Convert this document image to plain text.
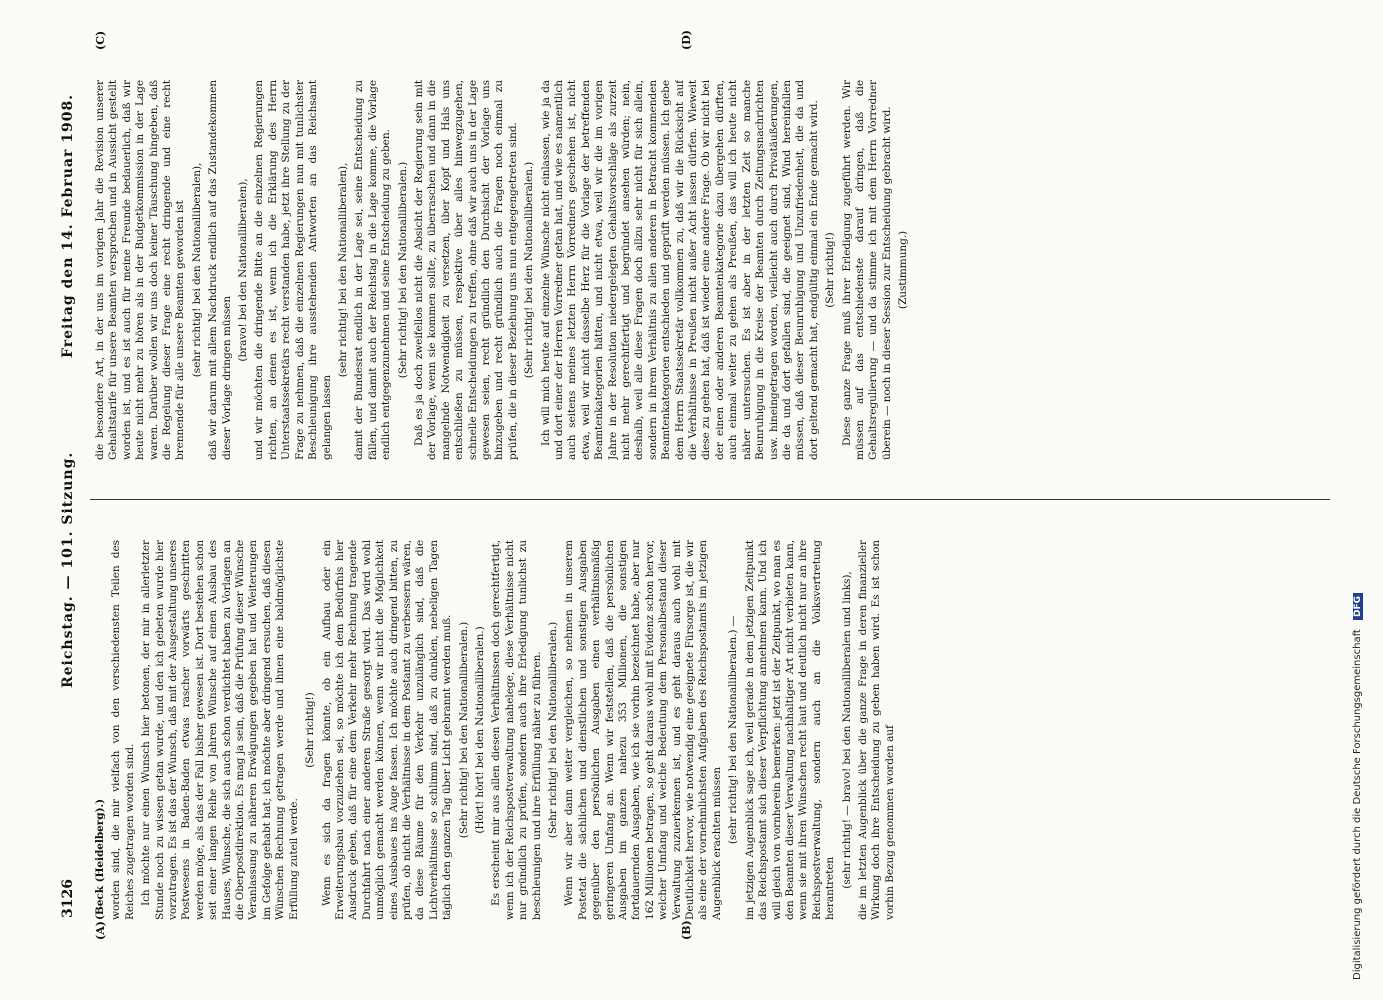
3126
Reichstag. — 101. Sitzung.
Freitag den 14. Februar 1908.
(A)	(B)
(C)	(D)

(Beck (Heidelberg).) worden sind, die mir vielfach von den verschiedensten Teilen des Reiches zugetragen worden sind. Ich möchte nur einen Wunsch hier betonen, der mir in allerletzter Stunde noch zu wissen getan wurde, und den ich gebeten wurde hier vorzutragen. Es ist das der Wunsch, daß mit der Ausgestaltung unseres Postwesens in Baden-Baden etwas rascher vorwärts geschritten werden möge, als das der Fall bisher gewesen ist. Dort bestehen schon seit einer langen Reihe von Jahren Wünsche auf einen Ausbau des Hauses, Wünsche, die sich auch schon verdichtet haben zu Vorlagen an die Oberpostdirektion. Es mag ja sein, daß die Prüfung dieser Wünsche Veranlassung zu näheren Erwägungen gegeben hat und Weiterungen im Gefolge gehabt hat; ich möchte aber dringend ersuchen, daß diesen Wünschen Rechnung getragen werde und ihnen eine baldmöglichste Erfüllung zuteil werde.

(Sehr richtig!) Wenn es sich da fragen könnte, ob ein Aufbau oder ein Erweiterungsbau vorzuziehen sei, so möchte ich dem Bedürfnis hier Ausdruck geben, daß für eine dem Verkehr mehr Rechnung tragende Durchfahrt nach einer anderen Straße gesorgt wird. Das wird wohl unmöglich gemacht werden können, wenn wir nicht die Möglichkeit eines Ausbaues ins Auge fassen. Ich möchte auch dringend bitten, zu prüfen, ob nicht die Verhältnisse in dem Postamt zu verbessern wären, da diese Räume für den Verkehr unzulänglich sind, daß die Lichtverhältnisse so schlimm sind, daß zu dunklen, nebeligen Tagen täglich den ganzen Tag über Licht gebrannt werden muß. (Sehr richtig! bei den Nationalliberalen.) (Hört! hört! bei den Nationalliberalen.) Es erscheint mir aus allen diesen Verhältnissen doch gerechtfertigt, wenn ich der Reichspostverwaltung nahelege, diese Verhältnisse nicht nur gründlich zu prüfen, sondern auch ihre Erledigung tunlichst zu beschleunigen und ihre Erfüllung näher zu führen. (Sehr richtig! bei den Nationalliberalen.) Wenn wir aber dann weiter vergleichen, so nehmen in unserem Postetat die sächlichen und dienstlichen und sonstigen Ausgaben gegenüber den persönlichen Ausgaben einen verhältnismäßig geringeren Umfang an. Wenn wir feststellen, daß die persönlichen Ausgaben im ganzen nahezu 353 Millionen, die sonstigen fortdauernden Ausgaben, wie ich sie vorhin bezeichnet habe, aber nur 162 Millionen betragen, so geht daraus wohl mit Evidenz schon hervor, welcher Umfang und welche Bedeutung dem Personalbestand dieser Verwaltung zuzuerkennen ist, und es geht daraus auch wohl mit Deutlichkeit hervor, wie notwendig eine geeignete Fürsorge ist, die wir als eine der vornehmlichsten Aufgaben des Reichspostamts im jetzigen Augenblick erachten müssen (sehr richtig! bei den Nationalliberalen.) — im jetzigen Augenblick sage ich, weil gerade in dem jetzigen Zeitpunkt das Reichspostamt sich dieser Verpflichtung annehmen kann. Und ich will gleich von vornherein bemerken: jetzt ist der Zeitpunkt, wo man es den Beamten dieser Verwaltung nachhaltiger Art nicht verbieten kann, wenn sie mit ihren Wünschen recht laut und deutlich nicht nur an ihre Reichspostverwaltung, sondern auch an die Volksvertretung herantreten (sehr richtig! — bravo! bei den Nationalliberalen und links), die im letzten Augenblick über die ganze Frage in deren finanzieller Wirkung doch ihre Entscheidung zu geben haben wird. Es ist schon vorhin Bezug genommen worden auf

die besondere Art, in der uns im vorigen Jahr die Revision unserer Gehaltstarife für unsere Beamten versprochen und in Aussicht gestellt worden ist, und es ist auch für meine Freunde bedauerlich, daß wir heute nicht mehr zu hören als in der Budgetkommission in der Lage waren. Darüber wollen wir uns doch keiner Täuschung hingeben, daß die Regelung dieser Frage eine recht dringende und eine recht brennende für alle unsere Beamten geworden ist (sehr richtig! bei den Nationalliberalen), daß wir darum mit allem Nachdruck endlich auf das Zustandekommen dieser Vorlage dringen müssen

(bravo! bei den Nationalliberalen), und wir möchten die dringende Bitte an die einzelnen Regierungen richten, an denen es ist, wenn ich die Erklärung des Herrn Unterstaatssekretärs recht verstanden habe, jetzt ihre Stellung zu der Frage zu nehmen, daß die einzelnen Regierungen nun mit tunlichster Beschleunigung ihre ausstehenden Antworten an das Reichsamt gelangen lassen

(sehr richtig! bei den Nationalliberalen), damit der Bundesrat endlich in der Lage sei, seine Entscheidung zu fällen, und damit auch der Reichstag in die Lage komme, die Vorlage endlich entgegenzunehmen und seine Entscheidung zu geben. (Sehr richtig! bei den Nationalliberalen.) Daß es ja doch zweifellos nicht die Absicht der Regierung sein mit der Vorlage, wenn sie kommen sollte, zu überraschen und dann in die mangelnde Notwendigkeit zu versetzen, über Kopf und Hals uns entschließen zu müssen, respektive über alles hinwegzugehen, schnelle Entscheidungen zu treffen, ohne daß wir auch uns in der Lage gewesen seien, recht gründlich den Durchsicht der Vorlage uns hinzugeben und recht gründlich auch die Fragen noch einmal zu prüfen, die in dieser Beziehung uns nun entgegengetreten sind. (Sehr richtig! bei den Nationalliberalen.) Ich will mich heute auf einzelne Wünsche nicht einlassen, wie ja da und dort einer der Herren Vorredner getan hat, und wie es namentlich auch seitens meines letzten Herrn Vorredners geschehen ist, nicht etwa, weil wir nicht dasselbe Herz für die Vorlage der betreffenden Beamtenkategorien hätten, und nicht etwa, weil wir die im vorigen Jahre in der Resolution niedergelegten Gehaltsvorschläge als zurzeit nicht mehr gerechtfertigt und begründet ansehen würden; nein, deshalb, weil alle diese Fragen doch allzu sehr nicht für sich allein, sondern in ihrem Verhältnis zu allen anderen in Betracht kommenden Beamtenkategorien entschieden und geprüft werden müssen. Ich gebe dem Herrn Staatssekretär vollkommen zu, daß wir die Rücksicht auf die Verhältnisse in Preußen nicht außer Acht lassen dürfen. Wieweit diese zu gehen hat, daß ist wieder eine andere Frage. Ob wir nicht bei der einen oder anderen Beamtenkategorie dazu übergehen dürften, auch einmal weiter zu gehen als Preußen, das will ich heute nicht näher untersuchen. Es ist aber in der letzten Zeit so manche Beunruhigung in die Kreise der Beamten durch Zeitungsnachrichten usw. hineingetragen worden, vielleicht auch durch Privatäußerungen, die da und dort gefallen sind, die geeignet sind, Wind hereinfallen müssen, daß dieser Beunruhigung und Unzufriedenheit, die da und dort geltend gemacht hat, endgültig einmal ein Ende gemacht wird. (Sehr richtig!) Diese ganze Frage muß ihrer Erledigung zugeführt werden. Wir müssen auf das entschiedenste darauf dringen, daß die Gehaltsregulierung — und da stimme ich mit dem Herrn Vorredner überein — noch in dieser Session zur Entscheidung gebracht wird. (Zustimmung.)

Digitalisierung gefördert durch die Deutsche Forschungsgemeinschaft DFG
